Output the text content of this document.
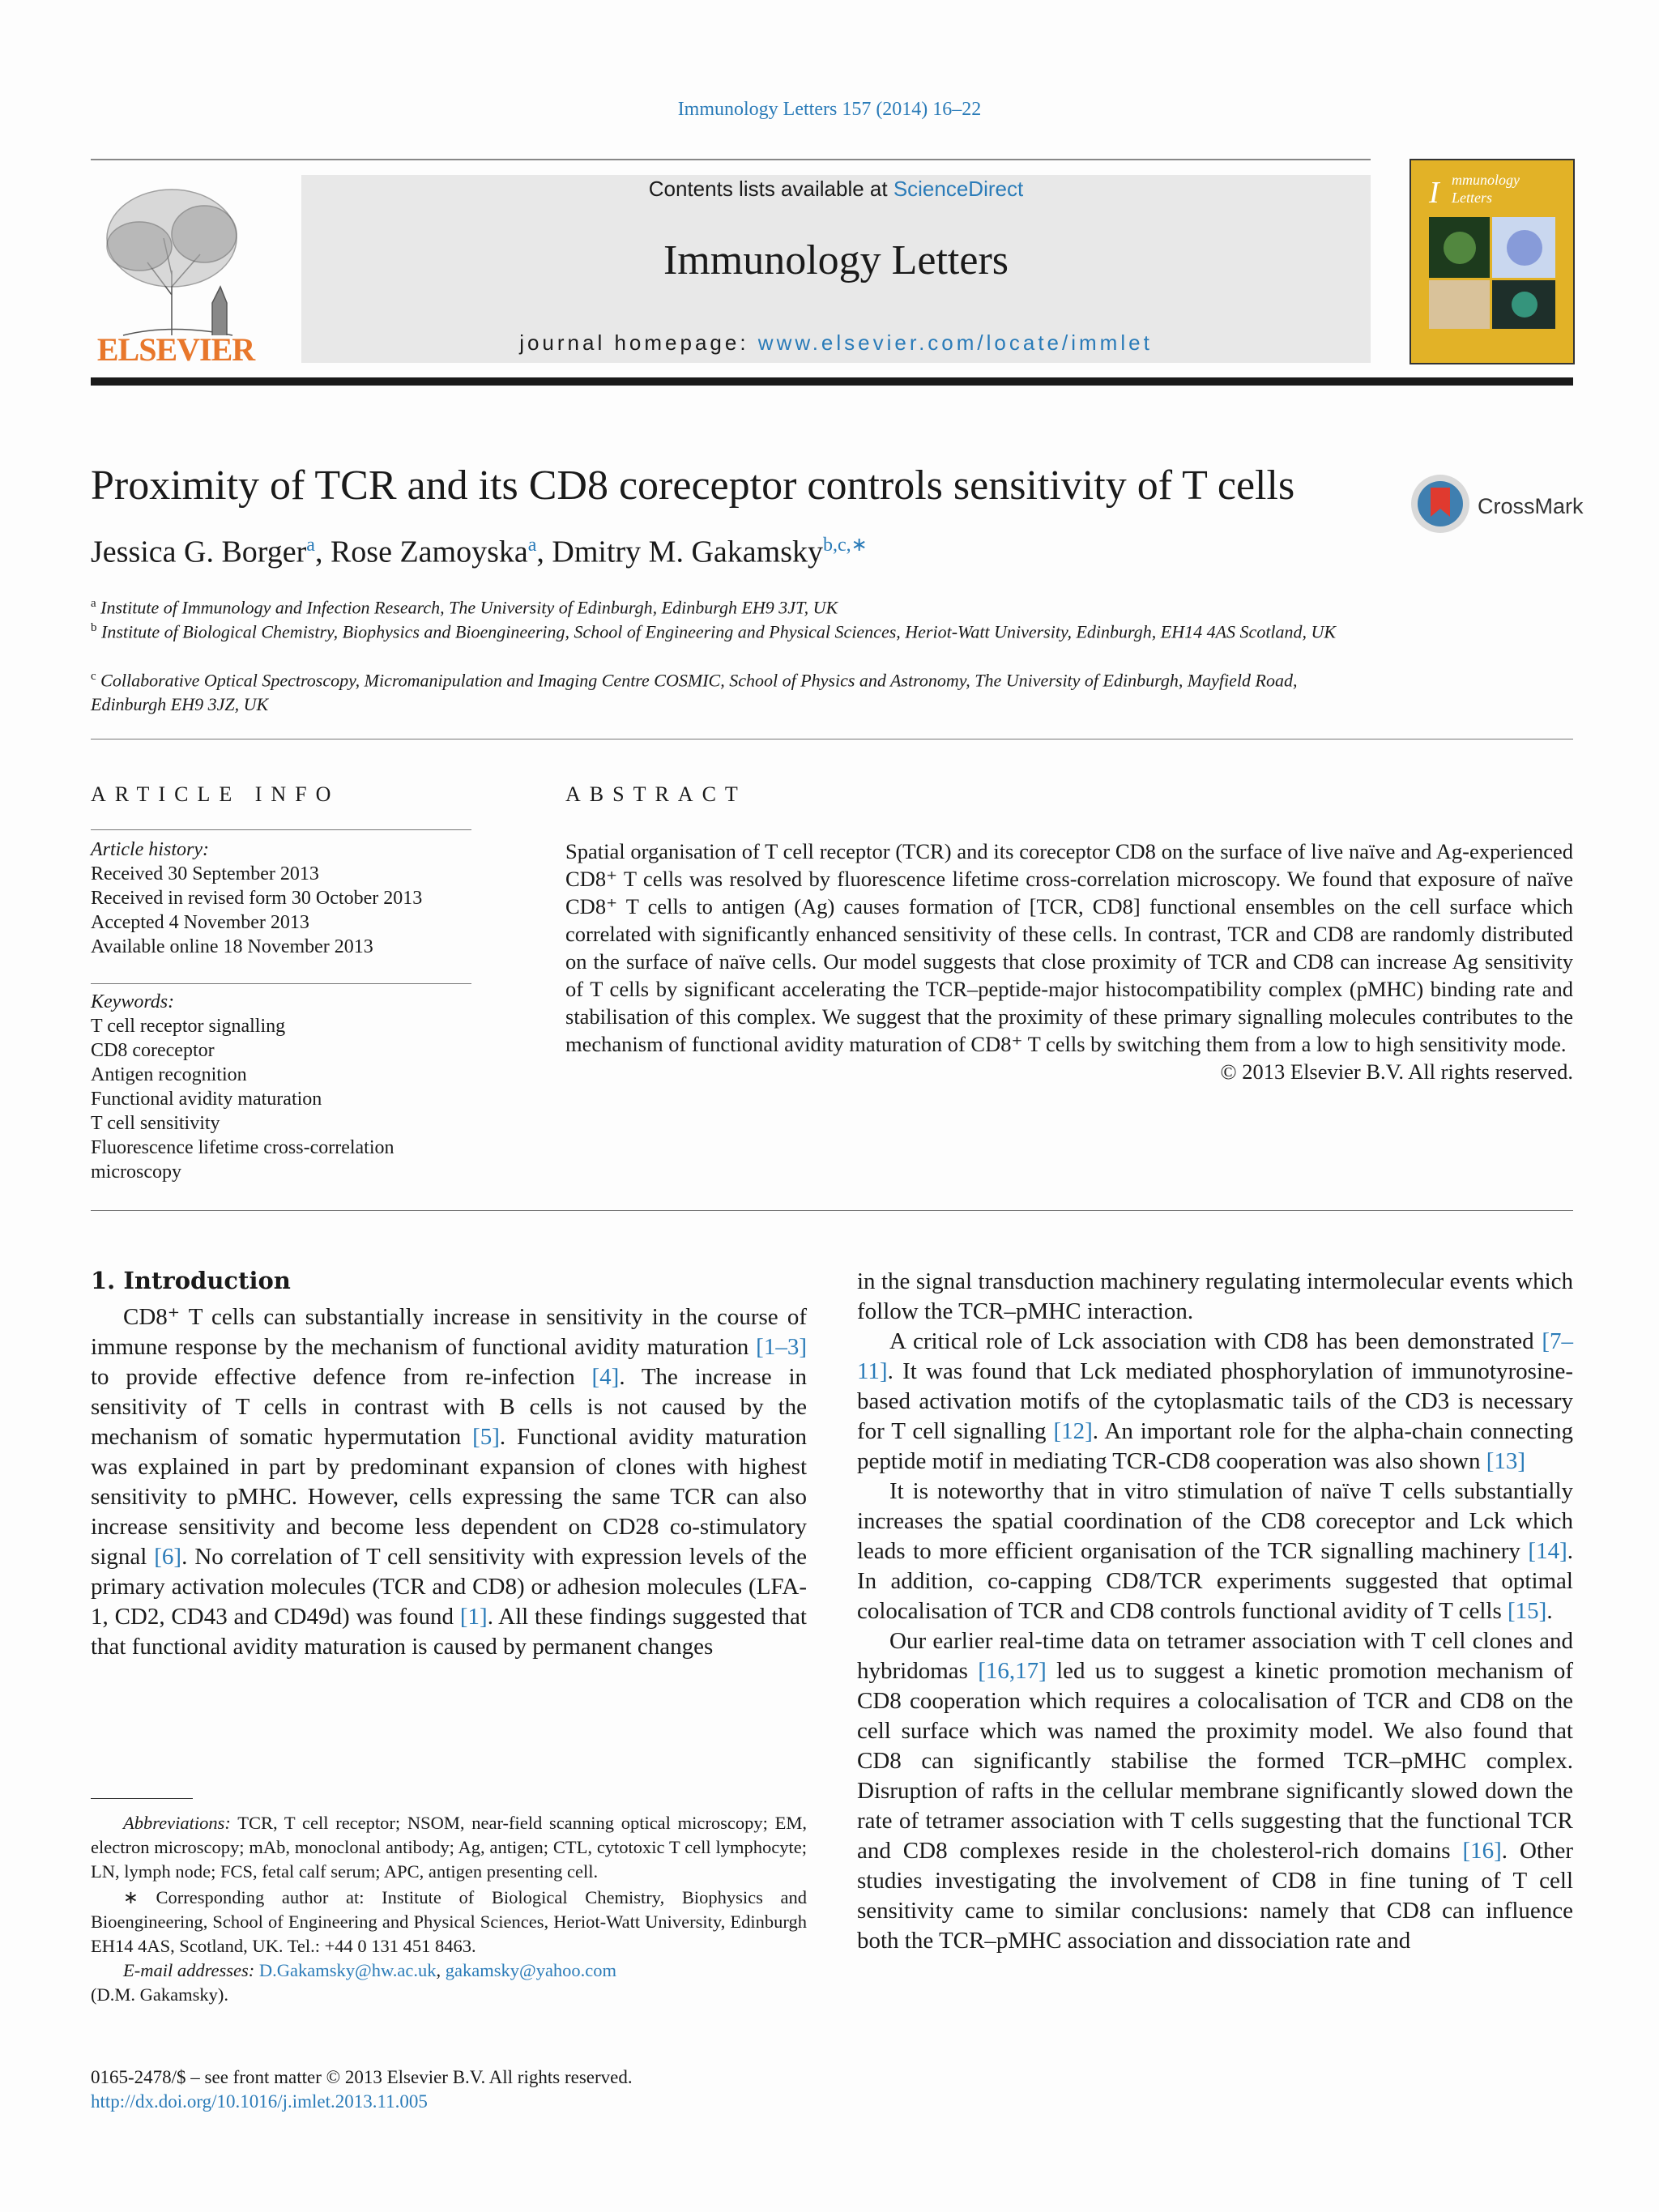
Immunology Letters 157 (2014) 16–22
ELSEVIER
Contents lists available at ScienceDirect
Immunology Letters
journal homepage: www.elsevier.com/locate/immlet
I mmunology
Letters
Proximity of TCR and its CD8 coreceptor controls sensitivity of T cells	CrossMark
Jessica G. Borger$^a$, Rose Zamoyska$^a$, Dmitry M. Gakamsky$^{b,c,∗}$
$^a$ Institute of Immunology and Infection Research, The University of Edinburgh, Edinburgh EH9 3JT, UK
$^b$ Institute of Biological Chemistry, Biophysics and Bioengineering, School of Engineering and Physical Sciences, Heriot-Watt University, Edinburgh, EH14 4AS Scotland, UK
$^c$ Collaborative Optical Spectroscopy, Micromanipulation and Imaging Centre COSMIC, School of Physics and Astronomy, The University of Edinburgh, Mayfield Road, Edinburgh EH9 3JZ, UK
ARTICLE INFO
Article history:
Received 30 September 2013
Received in revised form 30 October 2013
Accepted 4 November 2013
Available online 18 November 2013
Keywords:
T cell receptor signalling
CD8 coreceptor
Antigen recognition
Functional avidity maturation
T cell sensitivity
Fluorescence lifetime cross-correlation
microscopy
ABSTRACT
Spatial organisation of T cell receptor (TCR) and its coreceptor CD8 on the surface of live naïve and Ag-experienced CD8⁺ T cells was resolved by fluorescence lifetime cross-correlation microscopy. We found that exposure of naïve CD8⁺ T cells to antigen (Ag) causes formation of [TCR, CD8] functional ensembles on the cell surface which correlated with significantly enhanced sensitivity of these cells. In contrast, TCR and CD8 are randomly distributed on the surface of naïve cells. Our model suggests that close proximity of TCR and CD8 can increase Ag sensitivity of T cells by significant accelerating the TCR–peptide-major histocompatibility complex (pMHC) binding rate and stabilisation of this complex. We suggest that the proximity of these primary signalling molecules contributes to the mechanism of functional avidity maturation of CD8⁺ T cells by switching them from a low to high sensitivity mode.
© 2013 Elsevier B.V. All rights reserved.
1. Introduction

CD8⁺ T cells can substantially increase in sensitivity in the course of immune response by the mechanism of functional avidity maturation [1–3] to provide effective defence from re-infection [4]. The increase in sensitivity of T cells in contrast with B cells is not caused by the mechanism of somatic hypermutation [5]. Functional avidity maturation was explained in part by predominant expansion of clones with highest sensitivity to pMHC. However, cells expressing the same TCR can also increase sensitivity and become less dependent on CD28 co-stimulatory signal [6]. No correlation of T cell sensitivity with expression levels of the primary activation molecules (TCR and CD8) or adhesion molecules (LFA-1, CD2, CD43 and CD49d) was found [1]. All these findings suggested that that functional avidity maturation is caused by permanent changes

in the signal transduction machinery regulating intermolecular events which follow the TCR–pMHC interaction.

A critical role of Lck association with CD8 has been demonstrated [7–11]. It was found that Lck mediated phosphorylation of immunotyrosine-based activation motifs of the cytoplasmatic tails of the CD3 is necessary for T cell signalling [12]. An important role for the alpha-chain connecting peptide motif in mediating TCR-CD8 cooperation was also shown [13]

It is noteworthy that in vitro stimulation of naïve T cells substantially increases the spatial coordination of the CD8 coreceptor and Lck which leads to more efficient organisation of the TCR signalling machinery [14]. In addition, co-capping CD8/TCR experiments suggested that optimal colocalisation of TCR and CD8 controls functional avidity of T cells [15].

Our earlier real-time data on tetramer association with T cell clones and hybridomas [16,17] led us to suggest a kinetic promotion mechanism of CD8 cooperation which requires a colocalisation of TCR and CD8 on the cell surface which was named the proximity model. We also found that CD8 can significantly stabilise the formed TCR–pMHC complex. Disruption of rafts in the cellular membrane significantly slowed down the rate of tetramer association with T cells suggesting that the functional TCR and CD8 complexes reside in the cholesterol-rich domains [16]. Other studies investigating the involvement of CD8 in fine tuning of T cell sensitivity came to similar conclusions: namely that CD8 can influence both the TCR–pMHC association and dissociation rate and

Abbreviations: TCR, T cell receptor; NSOM, near-field scanning optical microscopy; EM, electron microscopy; mAb, monoclonal antibody; Ag, antigen; CTL, cytotoxic T cell lymphocyte; LN, lymph node; FCS, fetal calf serum; APC, antigen presenting cell.

∗ Corresponding author at: Institute of Biological Chemistry, Biophysics and Bioengineering, School of Engineering and Physical Sciences, Heriot-Watt University, Edinburgh EH14 4AS, Scotland, UK. Tel.: +44 0 131 451 8463.

E-mail addresses: D.Gakamsky@hw.ac.uk, gakamsky@yahoo.com

(D.M. Gakamsky).

0165-2478/$ – see front matter © 2013 Elsevier B.V. All rights reserved.
http://dx.doi.org/10.1016/j.imlet.2013.11.005
